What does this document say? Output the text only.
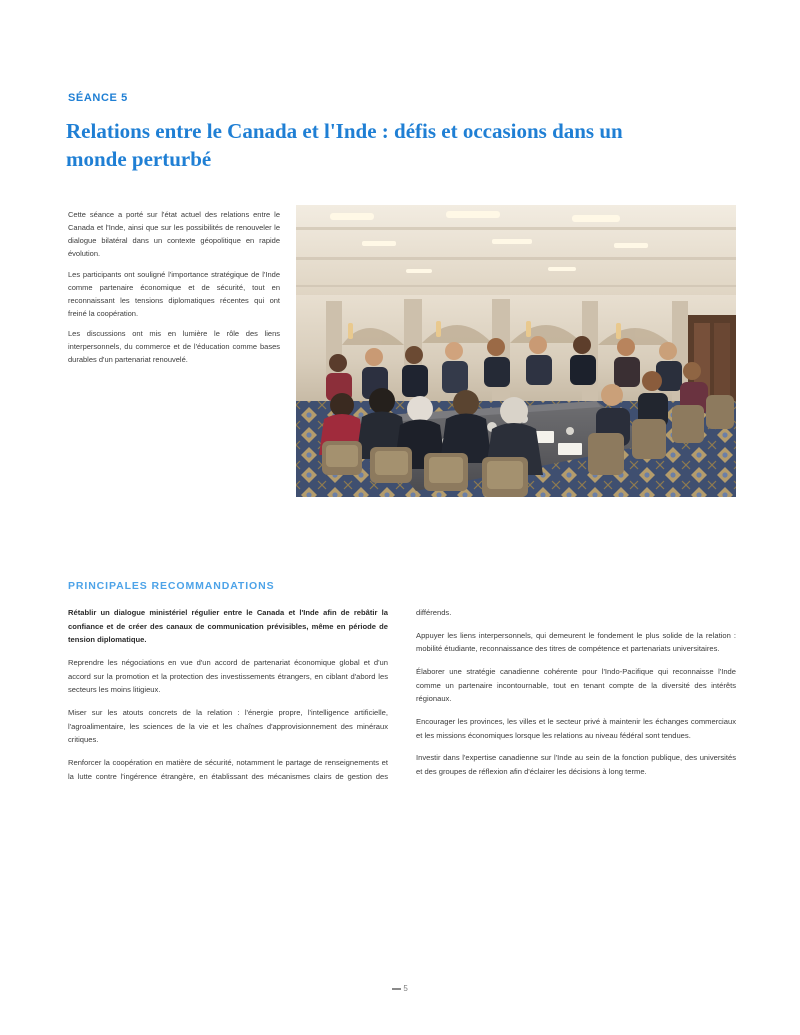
SÉANCE 5
Relations entre le Canada et l'Inde : défis et occasions dans un monde perturbé

Cette séance a porté sur l'état actuel des relations entre le Canada et l'Inde, ainsi que sur les possibilités de renouveler le dialogue bilatéral dans un contexte géopolitique en rapide évolution.

Les participants ont souligné l'importance stratégique de l'Inde comme partenaire économique et de sécurité, tout en reconnaissant les tensions diplomatiques récentes qui ont freiné la coopération.

Les discussions ont mis en lumière le rôle des liens interpersonnels, du commerce et de l'éducation comme bases durables d'un partenariat renouvelé.

PRINCIPALES RECOMMANDATIONS

Rétablir un dialogue ministériel régulier entre le Canada et l'Inde afin de rebâtir la confiance et de créer des canaux de communication prévisibles, même en période de tension diplomatique.

Reprendre les négociations en vue d'un accord de partenariat économique global et d'un accord sur la promotion et la protection des investissements étrangers, en ciblant d'abord les secteurs les moins litigieux.

Miser sur les atouts concrets de la relation : l'énergie propre, l'intelligence artificielle, l'agroalimentaire, les sciences de la vie et les chaînes d'approvisionnement des minéraux critiques.

Renforcer la coopération en matière de sécurité, notamment le partage de renseignements et la lutte contre l'ingérence étrangère, en établissant des mécanismes clairs de gestion des différends.

Appuyer les liens interpersonnels, qui demeurent le fondement le plus solide de la relation : mobilité étudiante, reconnaissance des titres de compétence et partenariats universitaires.

Élaborer une stratégie canadienne cohérente pour l'Indo-Pacifique qui reconnaisse l'Inde comme un partenaire incontournable, tout en tenant compte de la diversité des intérêts régionaux.

Encourager les provinces, les villes et le secteur privé à maintenir les échanges commerciaux et les missions économiques lorsque les relations au niveau fédéral sont tendues.

Investir dans l'expertise canadienne sur l'Inde au sein de la fonction publique, des universités et des groupes de réflexion afin d'éclairer les décisions à long terme.

5
